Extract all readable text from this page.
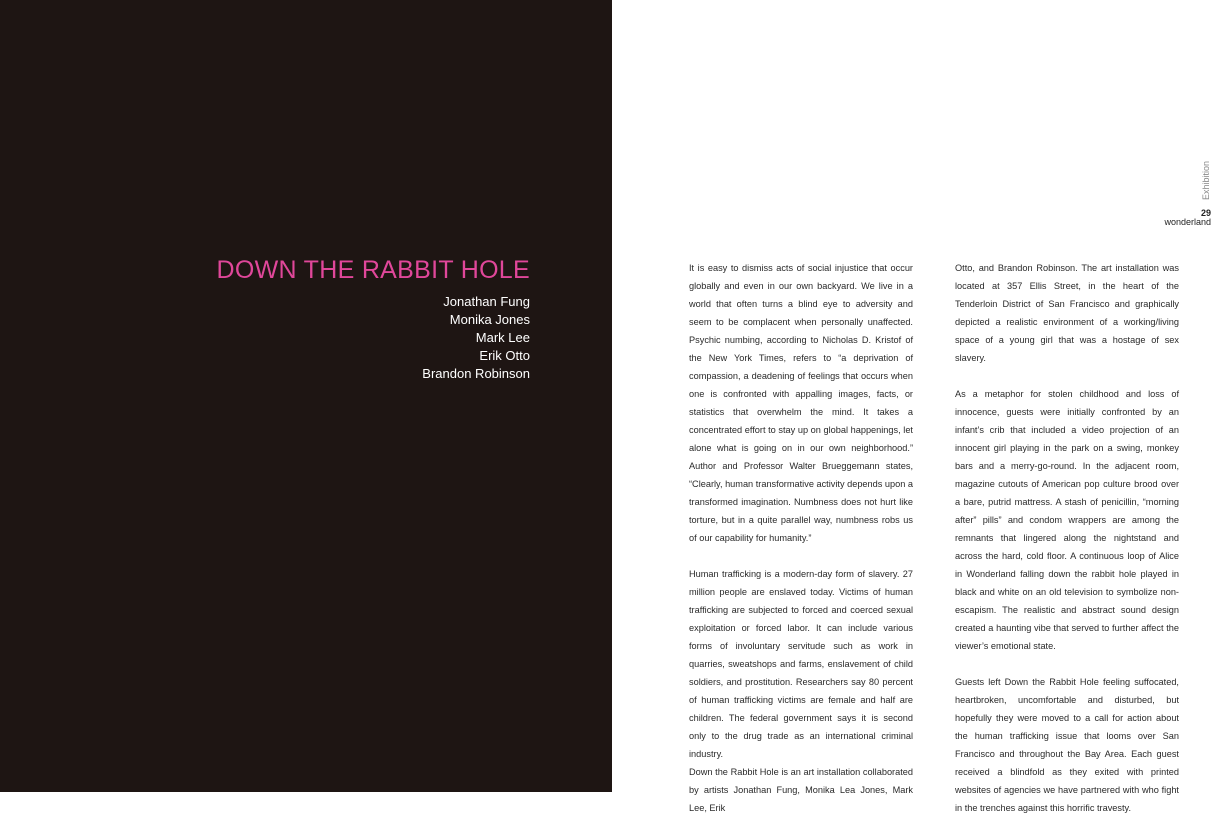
DOWN THE RABBIT HOLE
Jonathan Fung
Monika Jones
Mark Lee
Erik Otto
Brandon Robinson
Exhibition
29
wonderland

It is easy to dismiss acts of social injustice that occur globally and even in our own backyard. We live in a world that often turns a blind eye to adversity and seem to be complacent when personally unaffected. Psychic numbing, according to Nicholas D. Kristof of the New York Times, refers to “a deprivation of compassion, a deadening of feelings that occurs when one is confronted with appalling images, facts, or statistics that overwhelm the mind. It takes a concentrated effort to stay up on global happenings, let alone what is going on in our own neighborhood.” Author and Professor Walter Brueggemann states, “Clearly, human transformative activity depends upon a transformed imagination. Numbness does not hurt like torture, but in a quite parallel way, numbness robs us of our capability for humanity.”

Human trafficking is a modern-day form of slavery. 27 million people are enslaved today. Victims of human trafficking are subjected to forced and coerced sexual exploitation or forced labor. It can include various forms of involuntary servitude such as work in quarries, sweatshops and farms, enslavement of child soldiers, and prostitution. Researchers say 80 percent of human trafficking victims are female and half are children. The federal government says it is second only to the drug trade as an international criminal industry.

Down the Rabbit Hole is an art installation collaborated by artists Jonathan Fung, Monika Lea Jones, Mark Lee, Erik

Otto, and Brandon Robinson. The art installation was located at 357 Ellis Street, in the heart of the Tenderloin District of San Francisco and graphically depicted a realistic environment of a working/living space of a young girl that was a hostage of sex slavery.

As a metaphor for stolen childhood and loss of innocence, guests were initially confronted by an infant’s crib that included a video projection of an innocent girl playing in the park on a swing, monkey bars and a merry-go-round. In the adjacent room, magazine cutouts of American pop culture brood over a bare, putrid mattress. A stash of penicillin, “morning after” pills” and condom wrappers are among the remnants that lingered along the nightstand and across the hard, cold floor. A continuous loop of Alice in Wonderland falling down the rabbit hole played in black and white on an old television to symbolize non-escapism. The realistic and abstract sound design created a haunting vibe that served to further affect the viewer’s emotional state.

Guests left Down the Rabbit Hole feeling suffocated, heartbroken, uncomfortable and disturbed, but hopefully they were moved to a call for action about the human trafficking issue that looms over San Francisco and throughout the Bay Area. Each guest received a blindfold as they exited with printed websites of agencies we have partnered with who fight in the trenches against this horrific travesty.
